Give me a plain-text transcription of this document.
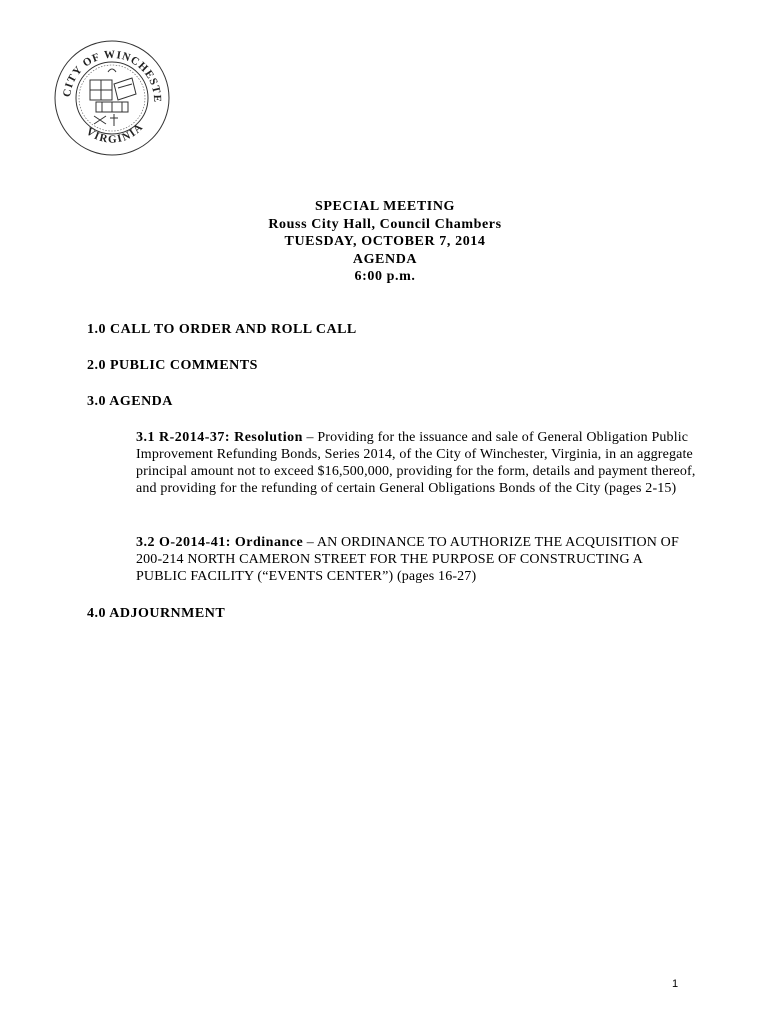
CITY OF WINCHESTE
VIRGINIA
SPECIAL MEETING
Rouss City Hall, Council Chambers
TUESDAY, OCTOBER 7, 2014
AGENDA
6:00 p.m.
1.0 CALL TO ORDER AND ROLL CALL
2.0 PUBLIC COMMENTS
3.0 AGENDA
3.1 R-2014-37: Resolution – Providing for the issuance and sale of General Obligation Public Improvement Refunding Bonds, Series 2014, of the City of Winchester, Virginia, in an aggregate principal amount not to exceed $16,500,000, providing for the form, details and payment thereof, and providing for the refunding of certain General Obligations Bonds of the City (pages 2-15)
3.2 O-2014-41: Ordinance – AN ORDINANCE TO AUTHORIZE THE ACQUISITION OF 200-214 NORTH CAMERON STREET FOR THE PURPOSE OF CONSTRUCTING A PUBLIC FACILITY (“EVENTS CENTER”) (pages 16-27)
4.0 ADJOURNMENT
1
